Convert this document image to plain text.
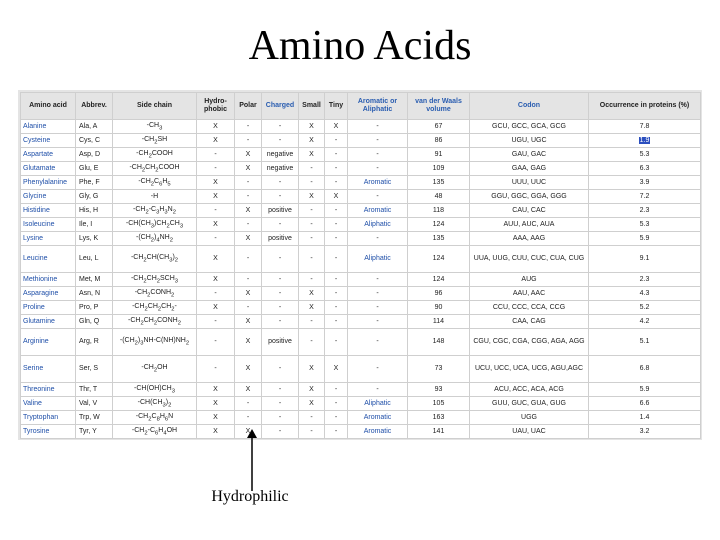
Amino Acids
Amino acid	Abbrev.	Side chain	Hydro-phobic	Polar	Charged	Small	Tiny	Aromatic or Aliphatic	van der Waals volume	Codon	Occurrence in proteins (%)
Alanine	Ala, A	$-CH_3$	X	-	-	X	X	-	67	GCU, GCC, GCA, GCG	7.8
Cysteine	Cys, C	$-CH_2SH$	X	-	-	X	-	-	86	UGU, UGC	1.9
Aspartate	Asp, D	$-CH_2COOH$	-	X	negative	X	-	-	91	GAU, GAC	5.3
Glutamate	Glu, E	$-CH_2CH_2COOH$	-	X	negative	-	-	-	109	GAA, GAG	6.3
Phenylalanine	Phe, F	$-CH_2C_6H_5$	X	-	-	-	-	Aromatic	135	UUU, UUC	3.9
Glycine	Gly, G	-H	X	-	-	X	X	-	48	GGU, GGC, GGA, GGG	7.2
Histidine	His, H	$-CH_2-C_3H_3N_2$	-	X	positive	-	-	Aromatic	118	CAU, CAC	2.3
Isoleucine	Ile, I	$-CH(CH_3)CH_2CH_3$	X	-	-	-	-	Aliphatic	124	AUU, AUC, AUA	5.3
Lysine	Lys, K	$-(CH_2)_4NH_2$	-	X	positive	-	-	-	135	AAA, AAG	5.9
Leucine	Leu, L	$-CH_2CH(CH_3)_2$	X	-	-	-	-	Aliphatic	124	UUA, UUG, CUU, CUC, CUA, CUG	9.1
Methionine	Met, M	$-CH_2CH_2SCH_3$	X	-	-	-	-	-	124	AUG	2.3
Asparagine	Asn, N	$-CH_2CONH_2$	-	X	-	X	-	-	96	AAU, AAC	4.3
Proline	Pro, P	$-CH_2CH_2CH_2-$	X	-	-	X	-	-	90	CCU, CCC, CCA, CCG	5.2
Glutamine	Gln, Q	$-CH_2CH_2CONH_2$	-	X	-	-	-	-	114	CAA, CAG	4.2
Arginine	Arg, R	$-(CH_2)_3NH-C(NH)NH_2$	-	X	positive	-	-	-	148	CGU, CGC, CGA, CGG, AGA, AGG	5.1
Serine	Ser, S	$-CH_2OH$	-	X	-	X	X	-	73	UCU, UCC, UCA, UCG, AGU,AGC	6.8
Threonine	Thr, T	$-CH(OH)CH_3$	X	X	-	X	-	-	93	ACU, ACC, ACA, ACG	5.9
Valine	Val, V	$-CH(CH_3)_2$	X	-	-	X	-	Aliphatic	105	GUU, GUC, GUA, GUG	6.6
Tryptophan	Trp, W	$-CH_2C_8H_6N$	X	-	-	-	-	Aromatic	163	UGG	1.4
Tyrosine	Tyr, Y	$-CH_2-C_6H_4OH$	X	X	-	-	-	Aromatic	141	UAU, UAC	3.2
Hydrophilic
